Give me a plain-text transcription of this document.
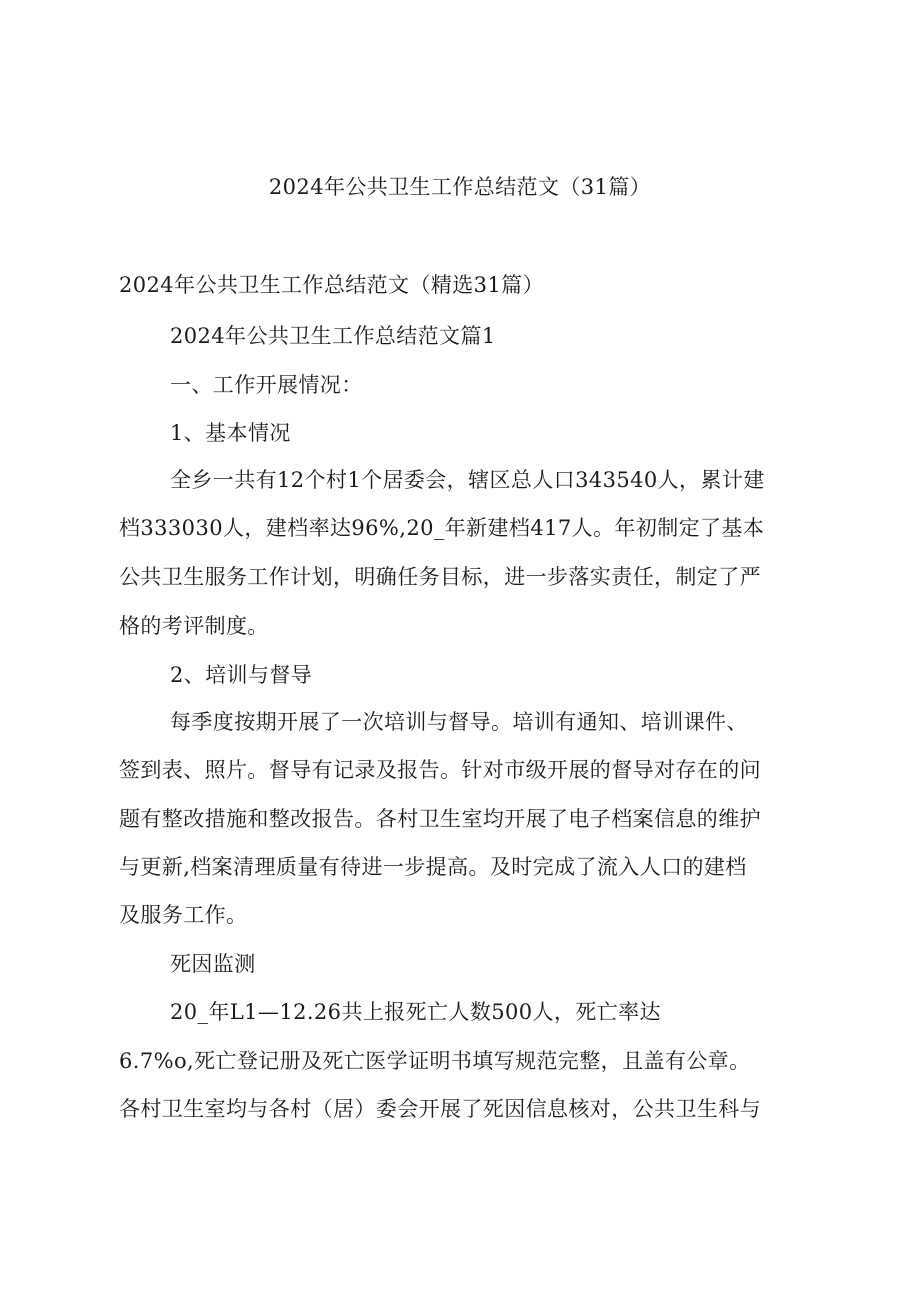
2024年公共卫生工作总结范文（31篇）
2024年公共卫生工作总结范文（精选31篇）
2024年公共卫生工作总结范文篇1
一、工作开展情况：
1、基本情况
全乡一共有12个村1个居委会，辖区总人口343540人，累计建
档333030人，建档率达96%,20_年新建档417人。年初制定了基本
公共卫生服务工作计划，明确任务目标，进一步落实责任，制定了严
格的考评制度。
2、培训与督导
每季度按期开展了一次培训与督导。培训有通知、培训课件、
签到表、照片。督导有记录及报告。针对市级开展的督导对存在的问
题有整改措施和整改报告。各村卫生室均开展了电子档案信息的维护
与更新,档案清理质量有待进一步提高。及时完成了流入人口的建档
及服务工作。
死因监测
20_年L1—12.26共上报死亡人数500人，死亡率达
6.7%o,死亡登记册及死亡医学证明书填写规范完整，且盖有公章。
各村卫生室均与各村（居）委会开展了死因信息核对，公共卫生科与
